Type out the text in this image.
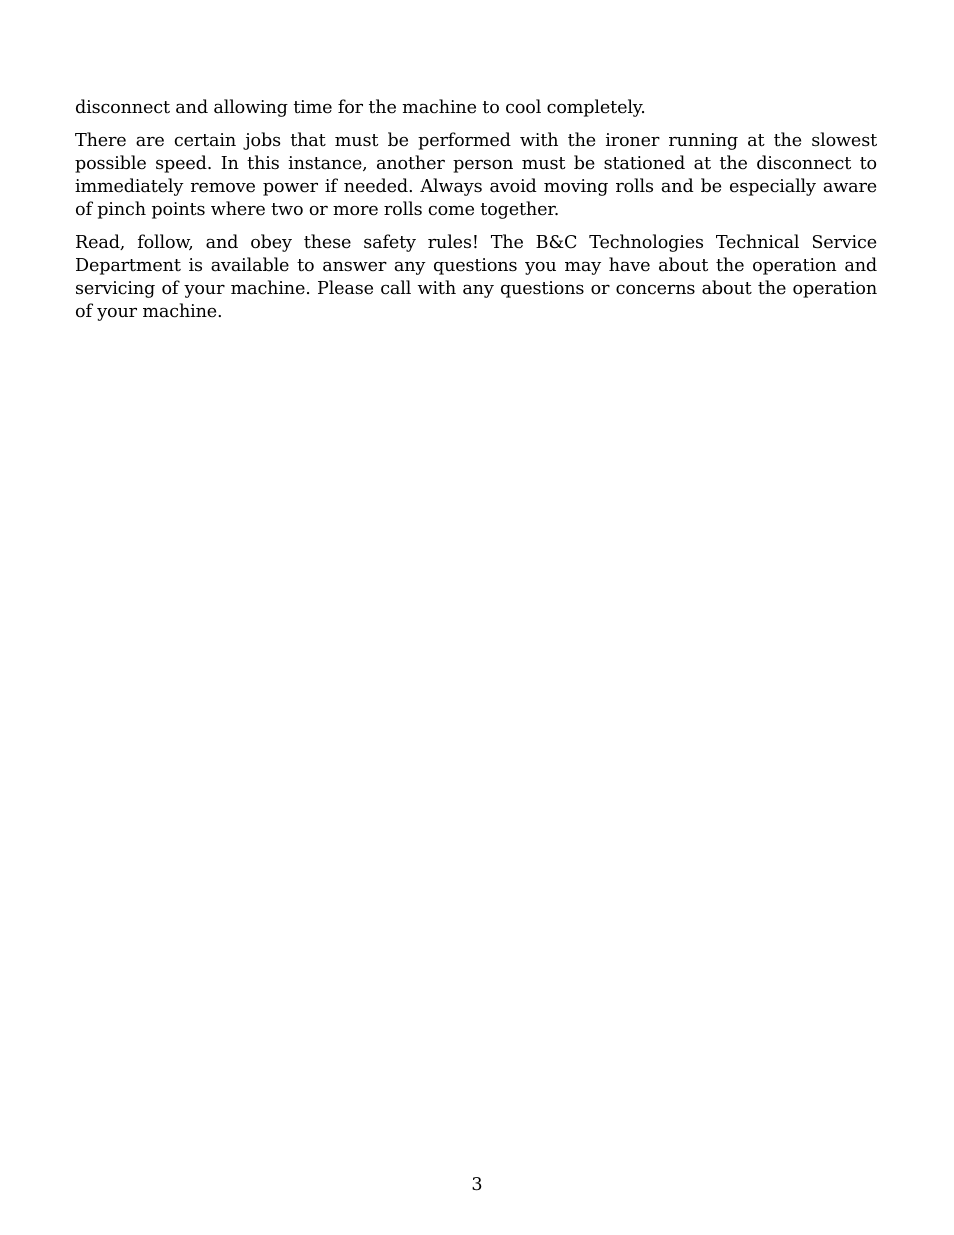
disconnect and allowing time for the machine to cool completely.

There are certain jobs that must be performed with the ironer running at the slowest possible speed. In this instance, another person must be stationed at the disconnect to immediately remove power if needed. Always avoid moving rolls and be especially aware of pinch points where two or more rolls come together.

Read, follow, and obey these safety rules! The B&C Technologies Technical Service Department is available to answer any questions you may have about the operation and servicing of your machine. Please call with any questions or concerns about the operation of your machine.

3
